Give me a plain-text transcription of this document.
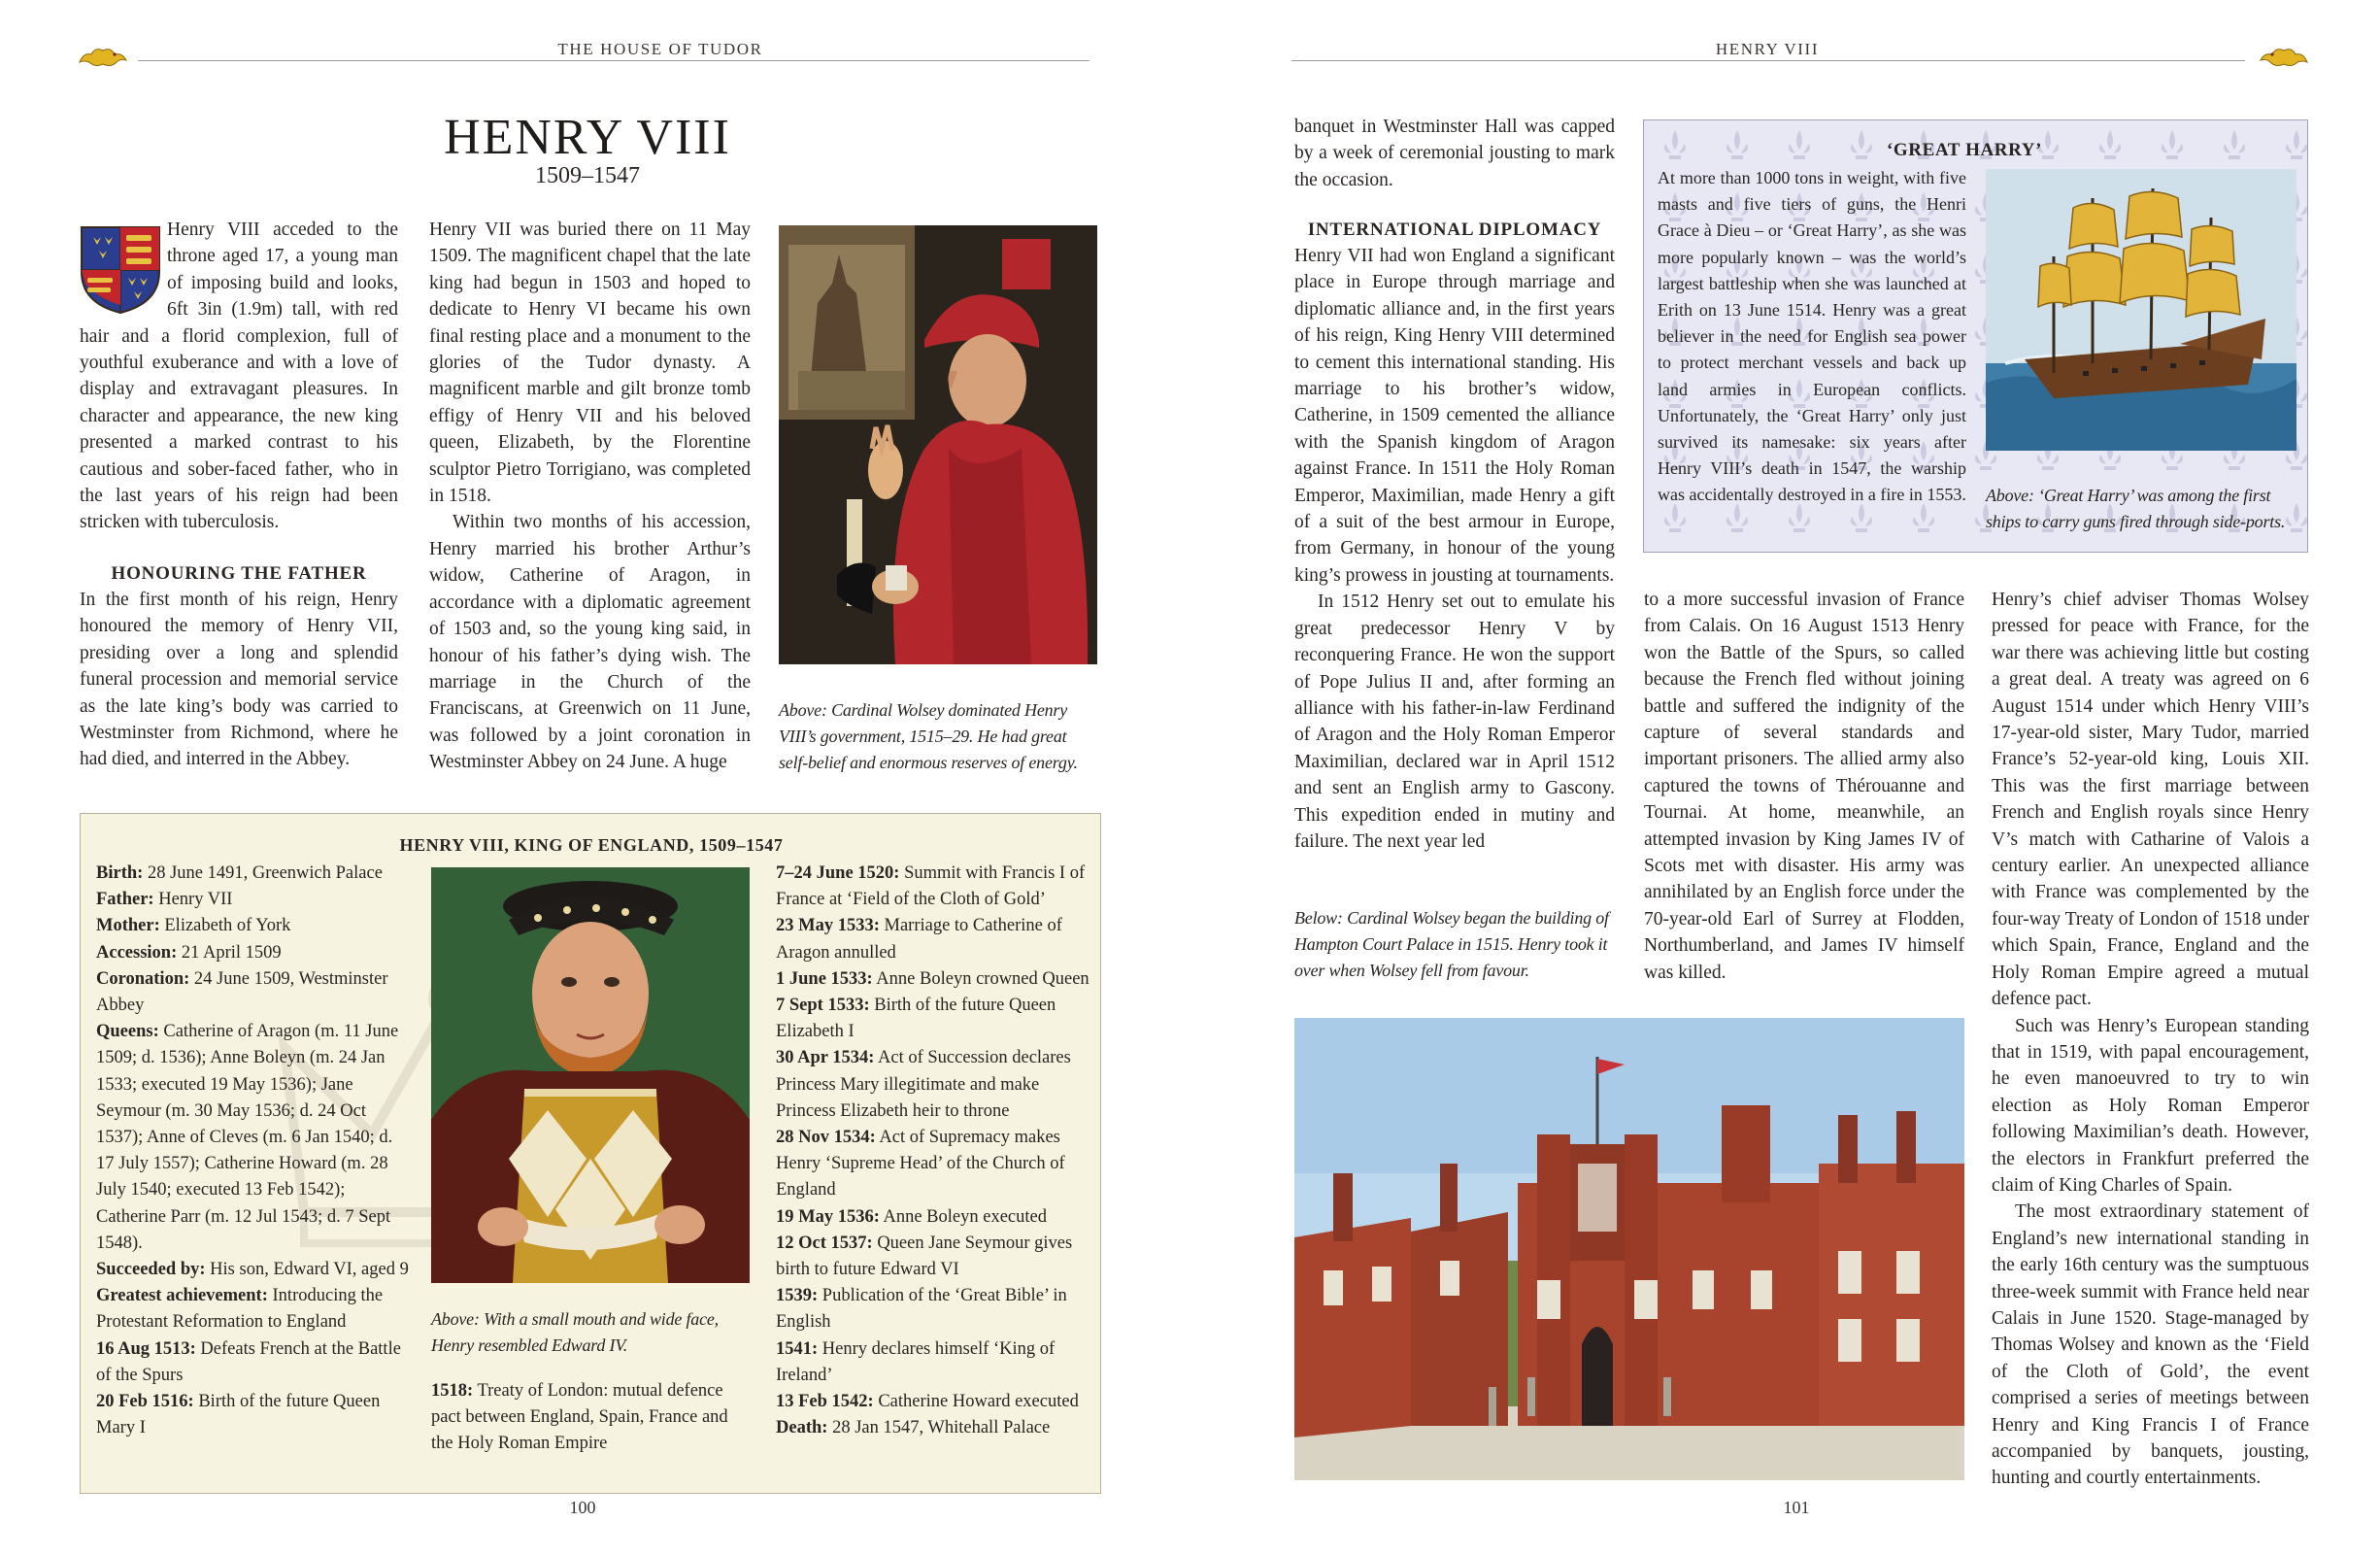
THE HOUSE OF TUDOR
HENRY VIII
1509–1547

Henry VIII acceded to the throne aged 17, a young man of imposing build and looks, 6ft 3in (1.9m) tall, with red hair and a florid complexion, full of youthful exuberance and with a love of display and extravagant pleasures. In character and appearance, the new king presented a marked contrast to his cautious and sober-faced father, who in the last years of his reign had been stricken with tuberculosis.

HONOURING THE FATHER

In the first month of his reign, Henry honoured the memory of Henry VII, presiding over a long and splendid funeral procession and memorial service as the late king’s body was carried to Westminster from Richmond, where he had died, and interred in the Abbey.

Henry VII was buried there on 11 May 1509. The magnificent chapel that the late king had begun in 1503 and hoped to dedicate to Henry VI became his own final resting place and a monument to the glories of the Tudor dynasty. A magnificent marble and gilt bronze tomb effigy of Henry VII and his beloved queen, Elizabeth, by the Florentine sculptor Pietro Torrigiano, was completed in 1518.

Within two months of his accession, Henry married his brother Arthur’s widow, Catherine of Aragon, in accordance with a diplomatic agreement of 1503 and, so the young king said, in honour of his father’s dying wish. The marriage in the Church of the Franciscans, at Greenwich on 11 June, was followed by a joint coronation in Westminster Abbey on 24 June. A huge

Above: Cardinal Wolsey dominated Henry VIII’s government, 1515–29. He had great self-belief and enormous reserves of energy.
HENRY VIII, KING OF ENGLAND, 1509–1547
Birth: 28 June 1491, Greenwich Palace
Father: Henry VII
Mother: Elizabeth of York
Accession: 21 April 1509
Coronation: 24 June 1509, Westminster Abbey
Queens: Catherine of Aragon (m. 11 June 1509; d. 1536); Anne Boleyn (m. 24 Jan 1533; executed 19 May 1536); Jane Seymour (m. 30 May 1536; d. 24 Oct 1537); Anne of Cleves (m. 6 Jan 1540; d. 17 July 1557); Catherine Howard (m. 28 July 1540; executed 13 Feb 1542); Catherine Parr (m. 12 Jul 1543; d. 7 Sept 1548).
Succeeded by: His son, Edward VI, aged 9
Greatest achievement: Introducing the Protestant Reformation to England
16 Aug 1513: Defeats French at the Battle of the Spurs
20 Feb 1516: Birth of the future Queen Mary I
Above: With a small mouth and wide face, Henry resembled Edward IV.
1518: Treaty of London: mutual defence pact between England, Spain, France and the Holy Roman Empire
7–24 June 1520: Summit with Francis I of France at ‘Field of the Cloth of Gold’
23 May 1533: Marriage to Catherine of Aragon annulled
1 June 1533: Anne Boleyn crowned Queen
7 Sept 1533: Birth of the future Queen Elizabeth I
30 Apr 1534: Act of Succession declares Princess Mary illegitimate and make Princess Elizabeth heir to throne
28 Nov 1534: Act of Supremacy makes Henry ‘Supreme Head’ of the Church of England
19 May 1536: Anne Boleyn executed
12 Oct 1537: Queen Jane Seymour gives birth to future Edward VI
1539: Publication of the ‘Great Bible’ in English
1541: Henry declares himself ‘King of Ireland’
13 Feb 1542: Catherine Howard executed
Death: 28 Jan 1547, Whitehall Palace
100
HENRY VIII

banquet in Westminster Hall was capped by a week of ceremonial jousting to mark the occasion.

INTERNATIONAL DIPLOMACY

Henry VII had won England a significant place in Europe through marriage and diplomatic alliance and, in the first years of his reign, King Henry VIII determined to cement this international standing. His marriage to his brother’s widow, Catherine, in 1509 cemented the alliance with the Spanish kingdom of Aragon against France. In 1511 the Holy Roman Emperor, Maximilian, made Henry a gift of a suit of the best armour in Europe, from Germany, in honour of the young king’s prowess in jousting at tournaments.

In 1512 Henry set out to emulate his great predecessor Henry V by reconquering France. He won the support of Pope Julius II and, after forming an alliance with his father-in-law Ferdinand of Aragon and the Holy Roman Emperor Maximilian, declared war in April 1512 and sent an English army to Gascony. This expedition ended in mutiny and failure. The next year led

Below: Cardinal Wolsey began the building of Hampton Court Palace in 1515. Henry took it over when Wolsey fell from favour.
‘GREAT HARRY’
At more than 1000 tons in weight, with five masts and five tiers of guns, the Henri Grace à Dieu – or ‘Great Harry’, as she was more popularly known – was the world’s largest battleship when she was launched at Erith on 13 June 1514. Henry was a great believer in the need for English sea power to protect merchant vessels and back up land armies in European conflicts. Unfortunately, the ‘Great Harry’ only just survived its namesake: six years after Henry VIII’s death in 1547, the warship was accidentally destroyed in a fire in 1553. Above: ‘Great Harry’ was among the first ships to carry guns fired through side-ports.

to a more successful invasion of France from Calais. On 16 August 1513 Henry won the Battle of the Spurs, so called because the French fled without joining battle and suffered the indignity of the capture of several standards and important prisoners. The allied army also captured the towns of Thérouanne and Tournai. At home, meanwhile, an attempted invasion by King James IV of Scots met with disaster. His army was annihilated by an English force under the 70-year-old Earl of Surrey at Flodden, Northumberland, and James IV himself was killed.

Henry’s chief adviser Thomas Wolsey pressed for peace with France, for the war there was achieving little but costing a great deal. A treaty was agreed on 6 August 1514 under which Henry VIII’s 17-year-old sister, Mary Tudor, married France’s 52-year-old king, Louis XII. This was the first marriage between French and English royals since Henry V’s match with Catharine of Valois a century earlier. An unexpected alliance with France was complemented by the four-way Treaty of London of 1518 under which Spain, France, England and the Holy Roman Empire agreed a mutual defence pact.

Such was Henry’s European standing that in 1519, with papal encouragement, he even manoeuvred to try to win election as Holy Roman Emperor following Maximilian’s death. However, the electors in Frankfurt preferred the claim of King Charles of Spain.

The most extraordinary statement of England’s new international standing in the early 16th century was the sumptuous three-week summit with France held near Calais in June 1520. Stage-managed by Thomas Wolsey and known as the ‘Field of the Cloth of Gold’, the event comprised a series of meetings between Henry and King Francis I of France accompanied by banquets, jousting, hunting and courtly entertainments.

101
